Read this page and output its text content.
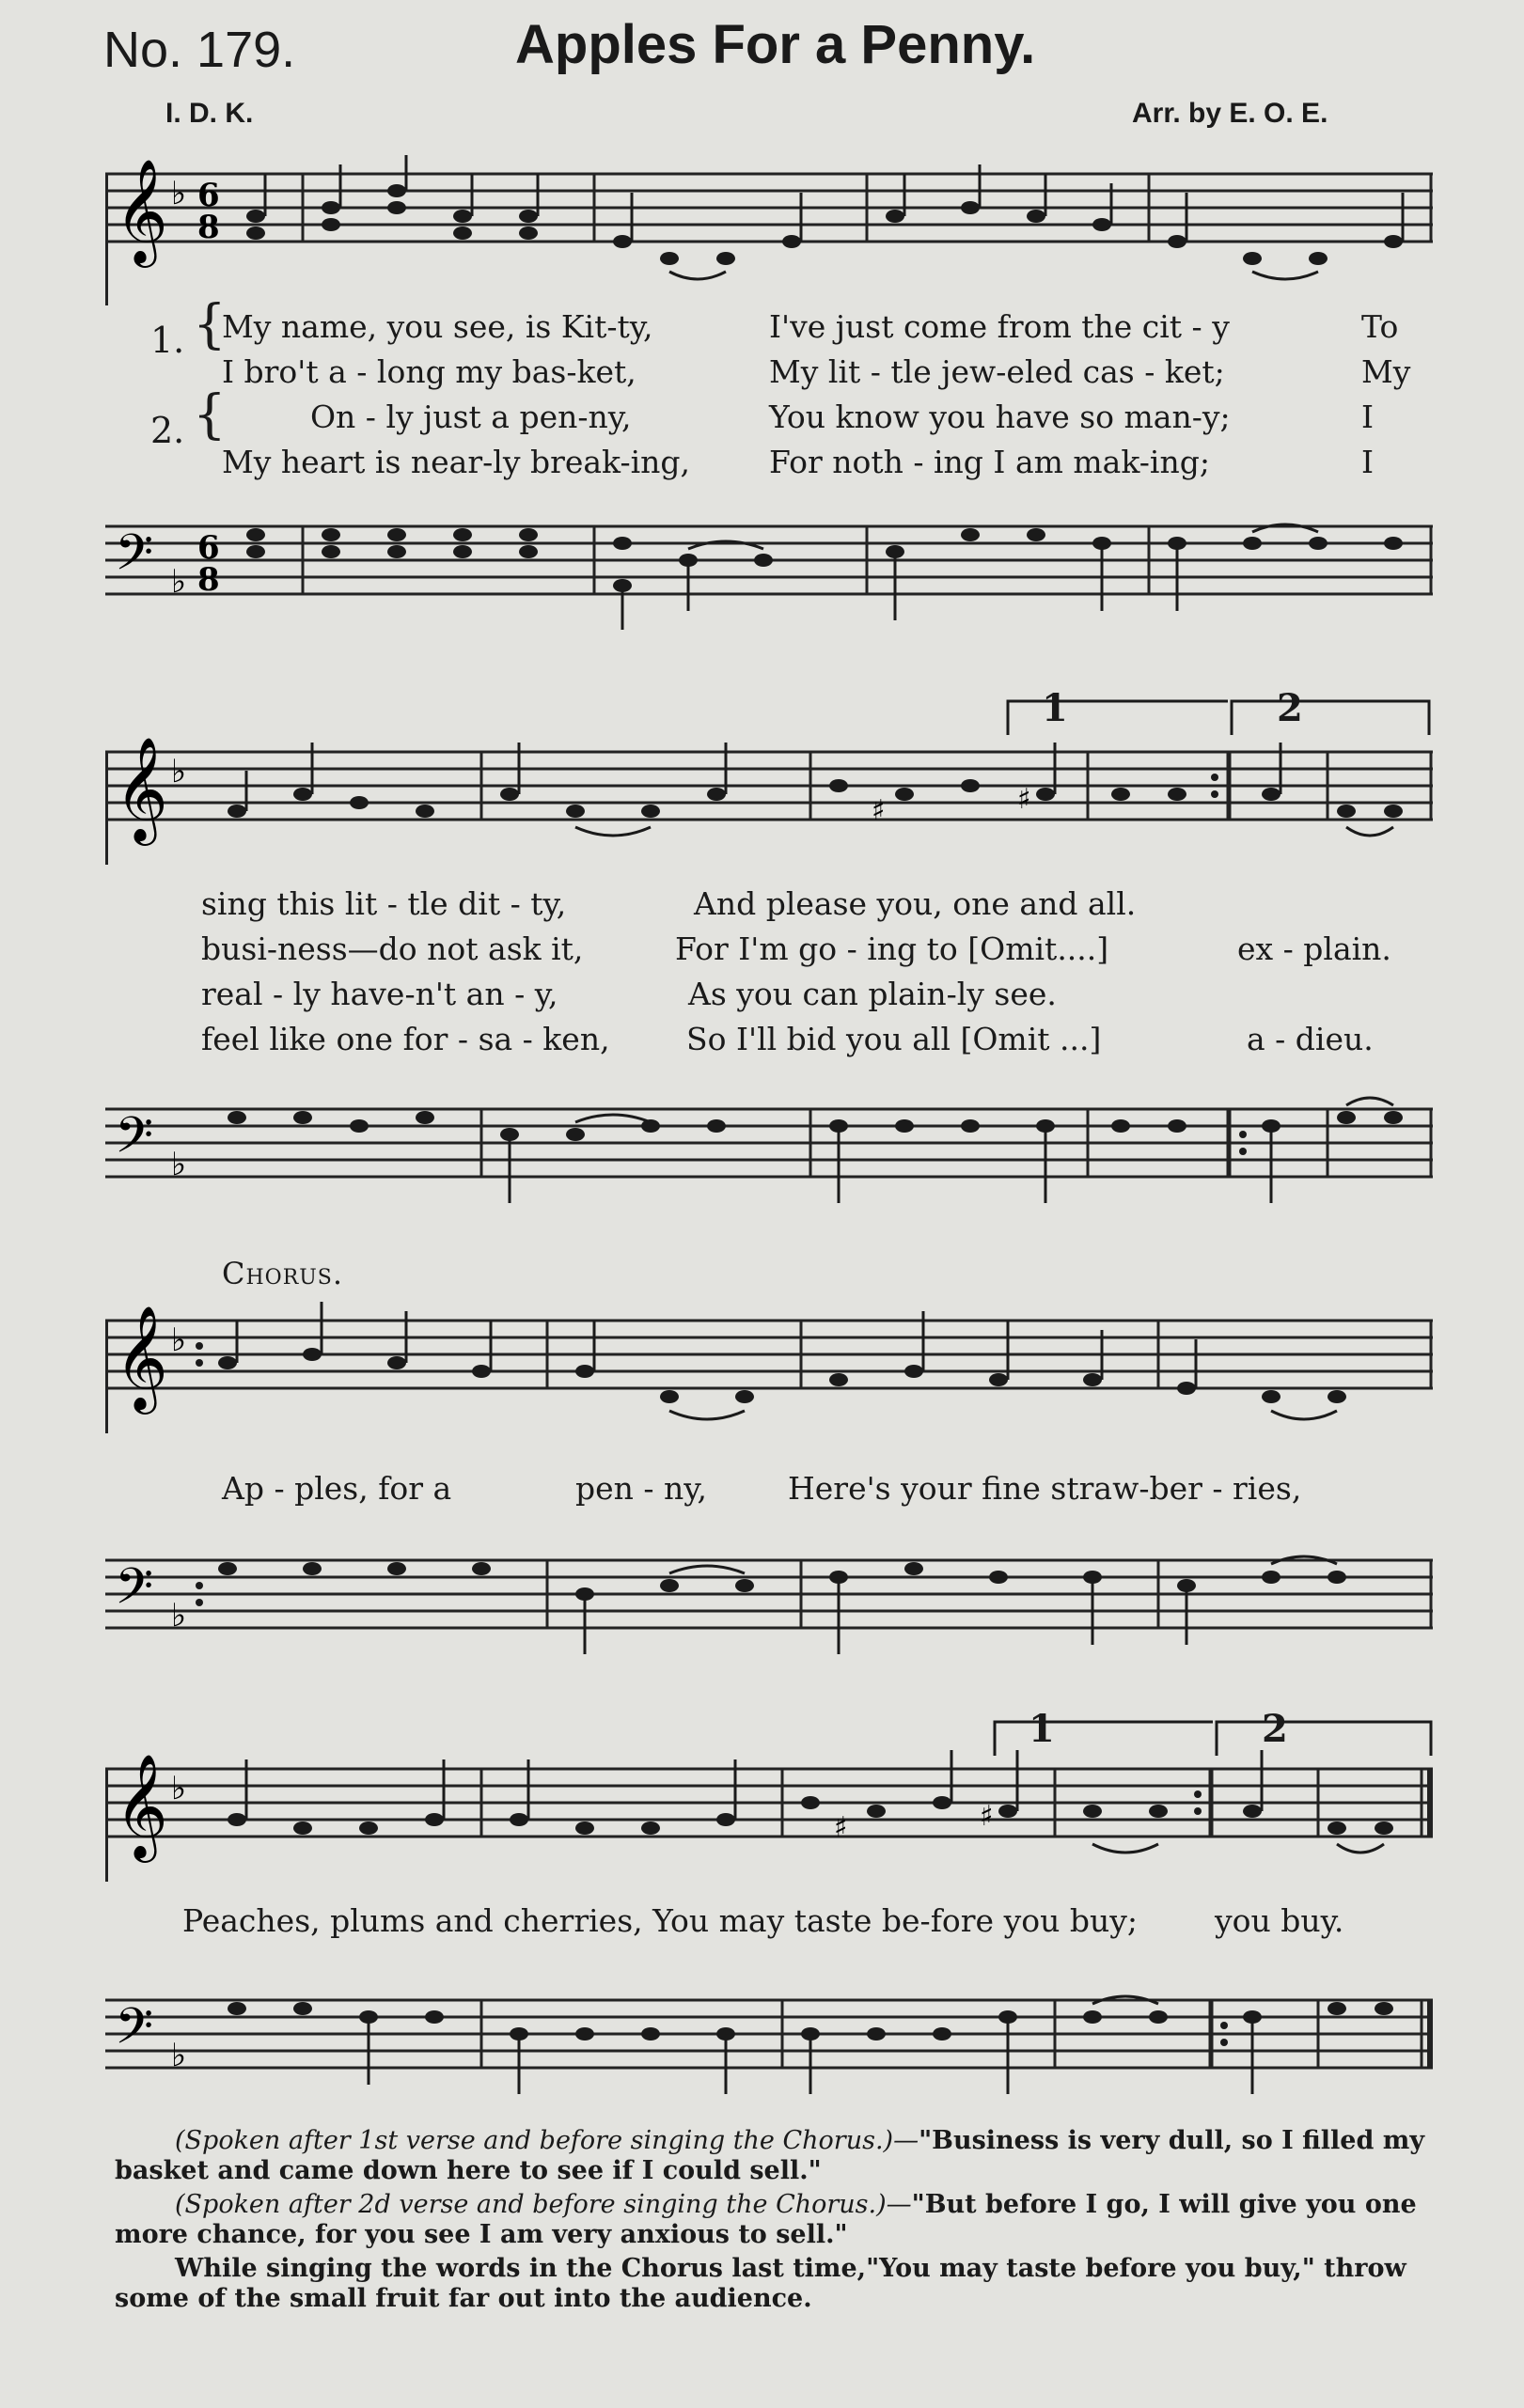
No. 179.	Apples For a Penny.
I. D. K.	Arr. by E. O. E.
𝄞 ♭ 6
8
1.
2.
{
{
My name, you see, is Kit-ty,	I've just come from the cit - y	To
I bro't a - long my bas-ket,	My lit - tle jew-eled cas - ket;	My
On - ly just a pen-ny,	You know you have so man-y;	I
My heart is near-ly break-ing,	For noth - ing I am mak-ing;	I
𝄢 ♭
6
8
1	2
𝄞 ♭
♯	♯
sing this lit - tle dit - ty,	And please you, one and all.
busi-ness—do not ask it,	For I'm go - ing to [Omit....]	ex - plain.
real - ly have-n't an - y,	As you can plain-ly see.
feel like one for - sa - ken, So I'll bid you all [Omit ...]	a - dieu.
𝄢 ♭
Chorus.
𝄞 ♭
Ap - ples, for a	pen - ny,	Here's your fine straw-ber - ries,
𝄢 ♭
1	2
𝄞 ♭
♯	♯
Peaches, plums and cherries, You may taste be-fore you buy; you buy.
𝄢 ♭

(Spoken after 1st verse and before singing the Chorus.)—"Business is very dull, so I filled my basket and came down here to see if I could sell."

(Spoken after 2d verse and before singing the Chorus.)—"But before I go, I will give you one more chance, for you see I am very anxious to sell."

While singing the words in the Chorus last time,"You may taste before you buy," throw some of the small fruit far out into the audience.
